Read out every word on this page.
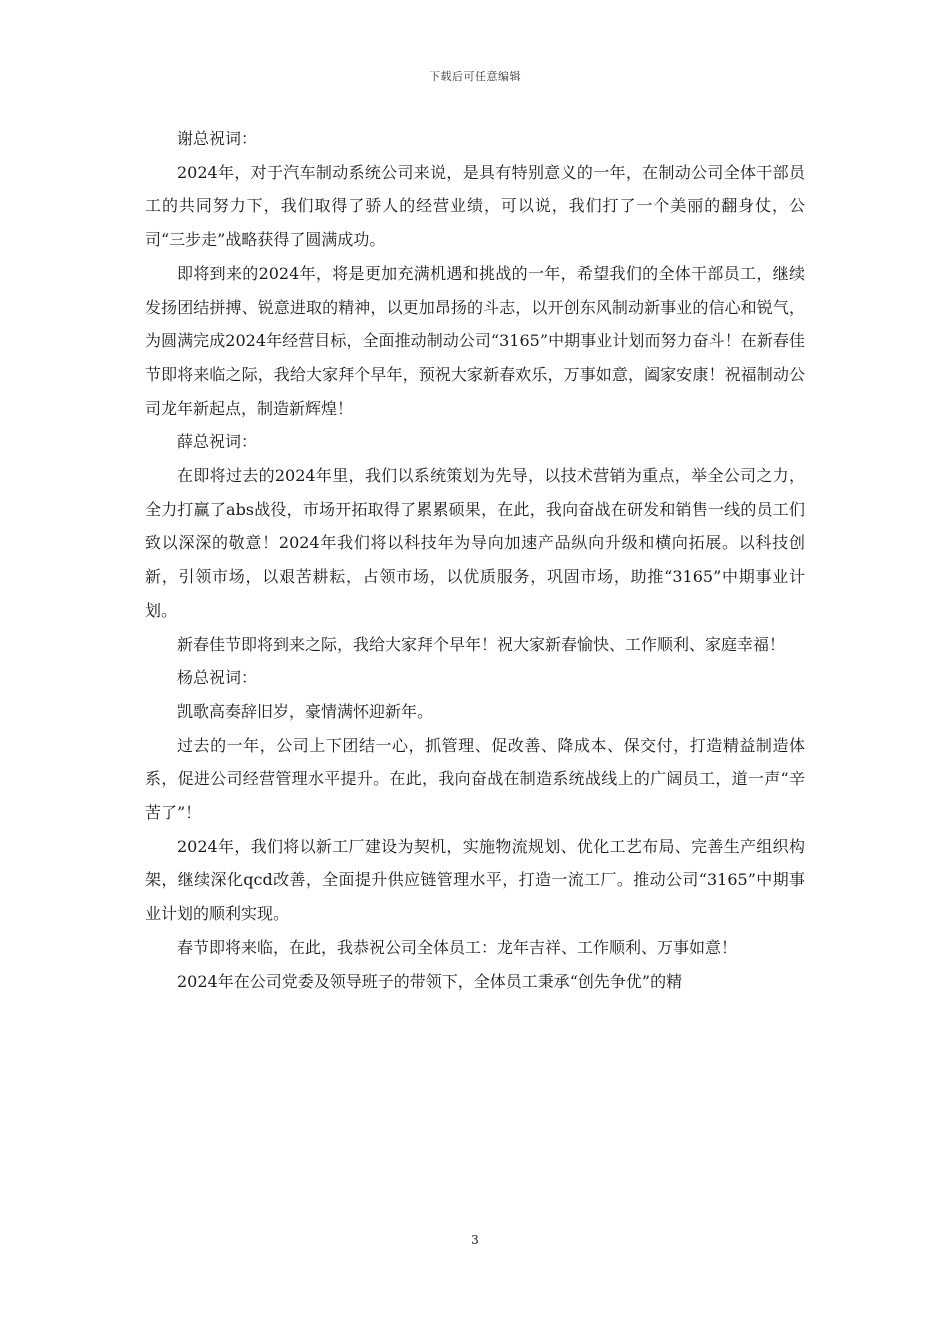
下载后可任意编辑

谢总祝词：

2024年，对于汽车制动系统公司来说，是具有特别意义的一年，在制动公司全体干部员工的共同努力下，我们取得了骄人的经营业绩，可以说，我们打了一个美丽的翻身仗，公司“三步走”战略获得了圆满成功。

即将到来的2024年，将是更加充满机遇和挑战的一年，希望我们的全体干部员工，继续发扬团结拼搏、锐意进取的精神，以更加昂扬的斗志，以开创东风制动新事业的信心和锐气，为圆满完成2024年经营目标，全面推动制动公司“3165”中期事业计划而努力奋斗！在新春佳节即将来临之际，我给大家拜个早年，预祝大家新春欢乐，万事如意，阖家安康！祝福制动公司龙年新起点，制造新辉煌！

薛总祝词：

在即将过去的2024年里，我们以系统策划为先导，以技术营销为重点，举全公司之力，全力打赢了abs战役，市场开拓取得了累累硕果，在此，我向奋战在研发和销售一线的员工们致以深深的敬意！2024年我们将以科技年为导向加速产品纵向升级和横向拓展。以科技创新，引领市场，以艰苦耕耘，占领市场，以优质服务，巩固市场，助推“3165”中期事业计划。

新春佳节即将到来之际，我给大家拜个早年！祝大家新春愉快、工作顺利、家庭幸福！

杨总祝词：

凯歌高奏辞旧岁，豪情满怀迎新年。

过去的一年，公司上下团结一心，抓管理、促改善、降成本、保交付，打造精益制造体系，促进公司经营管理水平提升。在此，我向奋战在制造系统战线上的广阔员工，道一声“辛苦了”！

2024年，我们将以新工厂建设为契机，实施物流规划、优化工艺布局、完善生产组织构架，继续深化qcd改善，全面提升供应链管理水平，打造一流工厂。推动公司“3165”中期事业计划的顺利实现。

春节即将来临，在此，我恭祝公司全体员工：龙年吉祥、工作顺利、万事如意！

2024年在公司党委及领导班子的带领下，全体员工秉承“创先争优”的精

3
